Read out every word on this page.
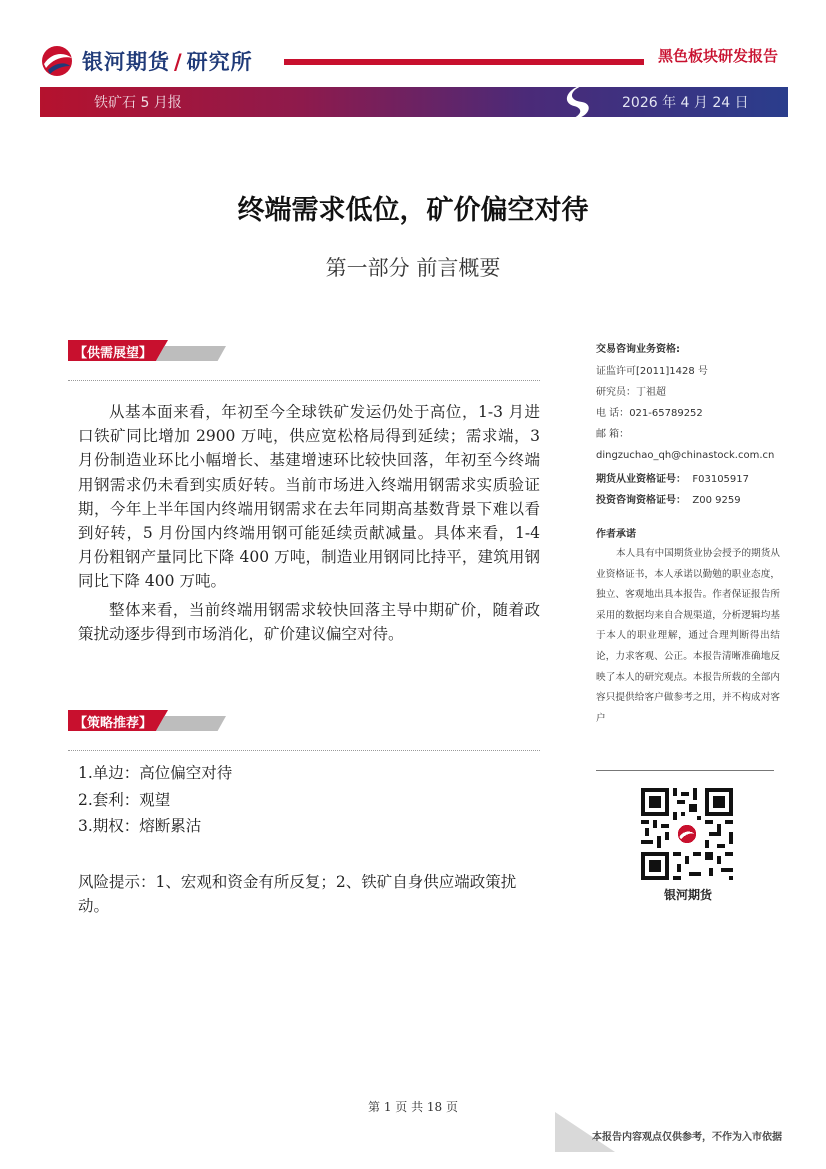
银河期货 / 研究所	黑色板块研发报告
铁矿石 5 月报	2026 年 4 月 24 日
终端需求低位，矿价偏空对待
第一部分 前言概要
【供需展望】

从基本面来看，年初至今全球铁矿发运仍处于高位，1-3 月进口铁矿同比增加 2900 万吨，供应宽松格局得到延续；需求端，3 月份制造业环比小幅增长、基建增速环比较快回落，年初至今终端用钢需求仍未看到实质好转。当前市场进入终端用钢需求实质验证期，今年上半年国内终端用钢需求在去年同期高基数背景下难以看到好转，5 月份国内终端用钢可能延续贡献减量。具体来看，1-4 月份粗钢产量同比下降 400 万吨，制造业用钢同比持平，建筑用钢同比下降 400 万吨。

整体来看，当前终端用钢需求较快回落主导中期矿价，随着政策扰动逐步得到市场消化，矿价建议偏空对待。

【策略推荐】
1.单边：高位偏空对待
2.套利：观望
3.期权：熔断累沽
风险提示：1、宏观和资金有所反复；2、铁矿自身供应端政策扰动。
交易咨询业务资格:
证监许可[2011]1428 号
研究员：丁祖超
电 话：021-65789252
邮 箱：
dingzuchao_qh@chinastock.com.cn
期货从业资格证号： F03105917
投资咨询资格证号： Z00 9259
作者承诺
本人具有中国期货业协会授予的期货从业资格证书，本人承诺以勤勉的职业态度，独立、客观地出具本报告。作者保证报告所采用的数据均来自合规渠道，分析逻辑均基于本人的职业理解，通过合理判断得出结论，力求客观、公正。本报告清晰准确地反映了本人的研究观点。本报告所载的全部内容只提供给客户做参考之用，并不构成对客户
银河期货
第 1 页 共 18 页
本报告内容观点仅供参考，不作为入市依据
